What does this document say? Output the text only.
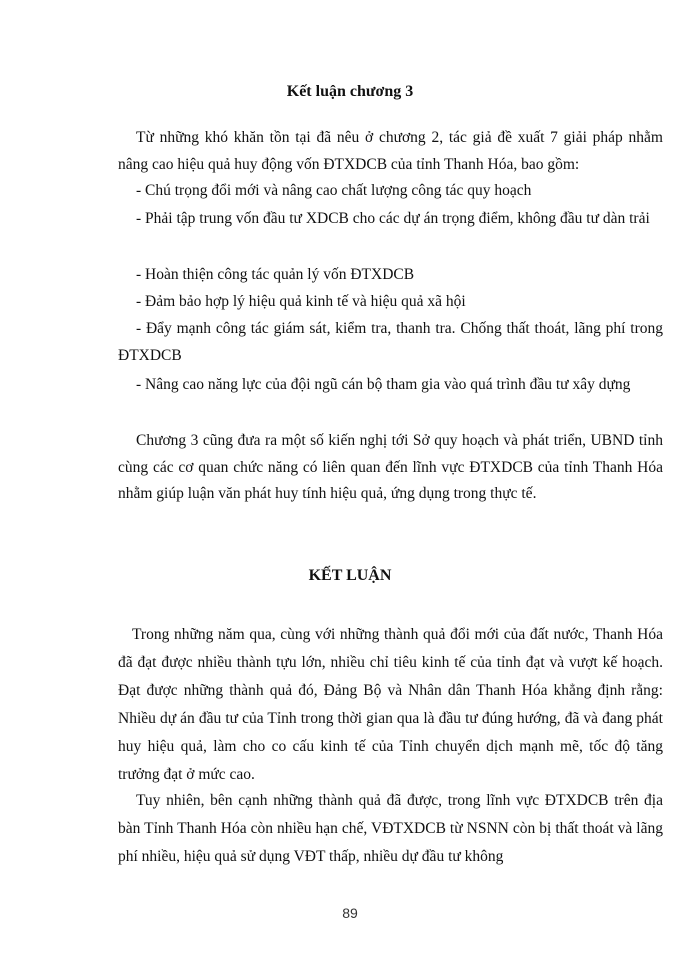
Kết luận chương 3

Từ những khó khăn tồn tại đã nêu ở chương 2, tác giả đề xuất 7 giải pháp nhằm nâng cao hiệu quả huy động vốn ĐTXDCB của tỉnh Thanh Hóa, bao gồm:

- Chú trọng đổi mới và nâng cao chất lượng công tác quy hoạch

- Phải tập trung vốn đầu tư XDCB cho các dự án trọng điểm, không đầu tư dàn trải

- Hoàn thiện công tác quản lý vốn ĐTXDCB

- Đảm bảo hợp lý hiệu quả kinh tế và hiệu quả xã hội

- Đẩy mạnh công tác giám sát, kiểm tra, thanh tra. Chống thất thoát, lãng phí trong ĐTXDCB

- Nâng cao năng lực của đội ngũ cán bộ tham gia vào quá trình đầu tư xây dựng

Chương 3 cũng đưa ra một số kiến nghị tới Sở quy hoạch và phát triển, UBND tỉnh cùng các cơ quan chức năng có liên quan đến lĩnh vực ĐTXDCB của tỉnh Thanh Hóa nhằm giúp luận văn phát huy tính hiệu quả, ứng dụng trong thực tế.

KẾT LUẬN

Trong những năm qua, cùng với những thành quả đổi mới của đất nước, Thanh Hóa đã đạt được nhiều thành tựu lớn, nhiều chỉ tiêu kinh tế của tỉnh đạt và vượt kế hoạch. Đạt được những thành quả đó, Đảng Bộ và Nhân dân Thanh Hóa khẳng định rằng: Nhiều dự án đầu tư của Tỉnh trong thời gian qua là đầu tư đúng hướng, đã và đang phát huy hiệu quả, làm cho co cấu kinh tế của Tỉnh chuyển dịch mạnh mẽ, tốc độ tăng trưởng đạt ở mức cao.

Tuy nhiên, bên cạnh những thành quả đã được, trong lĩnh vực ĐTXDCB trên địa bàn Tỉnh Thanh Hóa còn nhiều hạn chế, VĐTXDCB từ NSNN còn bị thất thoát và lãng phí nhiều, hiệu quả sử dụng VĐT thấp, nhiều dự đầu tư không

89
